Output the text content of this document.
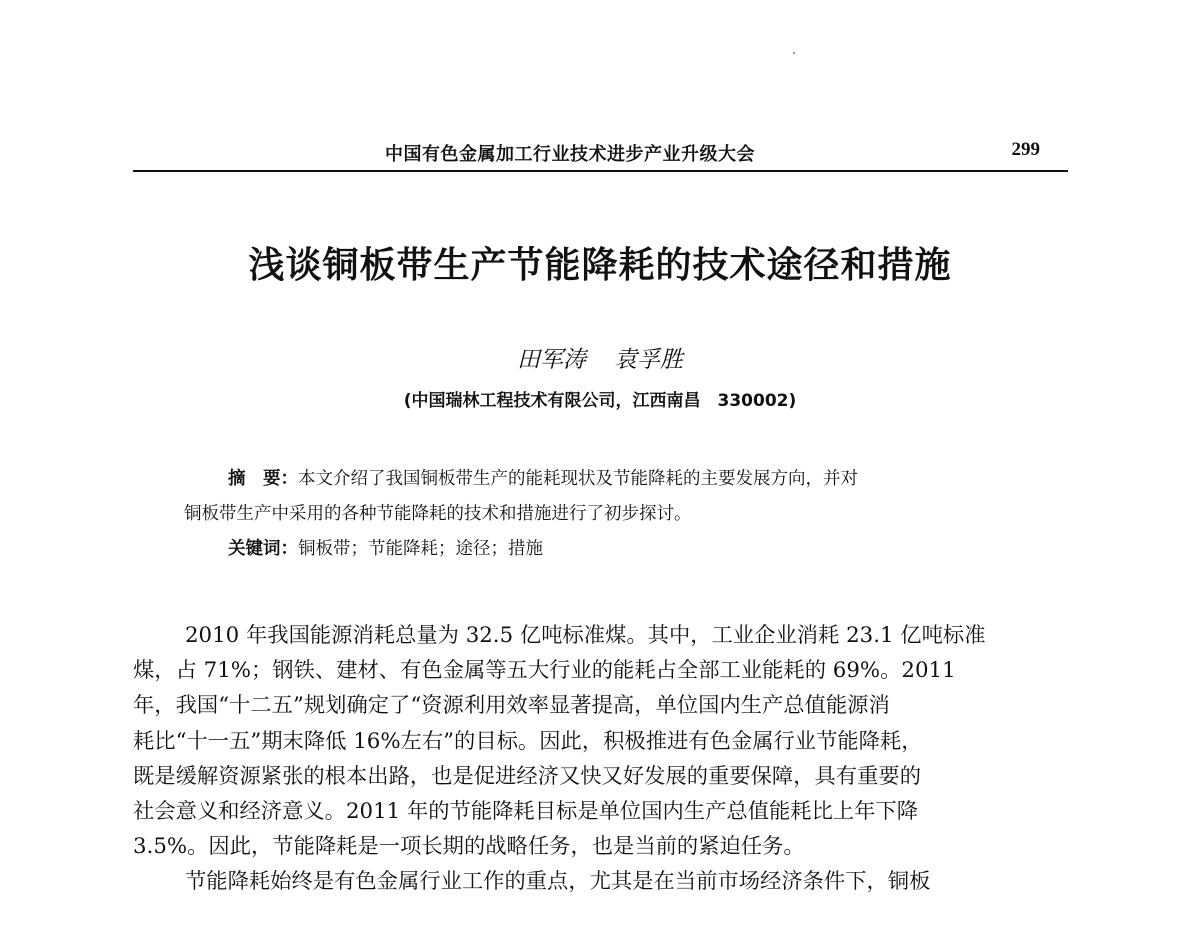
中国有色金属加工行业技术进步产业升级大会	299
浅谈铜板带生产节能降耗的技术途径和措施
田军涛 袁孚胜
(中国瑞林工程技术有限公司，江西南昌　330002)

摘　要：本文介绍了我国铜板带生产的能耗现状及节能降耗的主要发展方向，并对

铜板带生产中采用的各种节能降耗的技术和措施进行了初步探讨。

关键词：铜板带；节能降耗；途径；措施

2010 年我国能源消耗总量为 32.5 亿吨标准煤。其中，工业企业消耗 23.1 亿吨标准
煤，占 71%；钢铁、建材、有色金属等五大行业的能耗占全部工业能耗的 69%。2011
年，我国“十二五”规划确定了“资源利用效率显著提高，单位国内生产总值能源消
耗比“十一五”期末降低 16%左右”的目标。因此，积极推进有色金属行业节能降耗，
既是缓解资源紧张的根本出路，也是促进经济又快又好发展的重要保障，具有重要的
社会意义和经济意义。2011 年的节能降耗目标是单位国内生产总值能耗比上年下降
3.5%。因此，节能降耗是一项长期的战略任务，也是当前的紧迫任务。
节能降耗始终是有色金属行业工作的重点，尤其是在当前市场经济条件下，铜板
